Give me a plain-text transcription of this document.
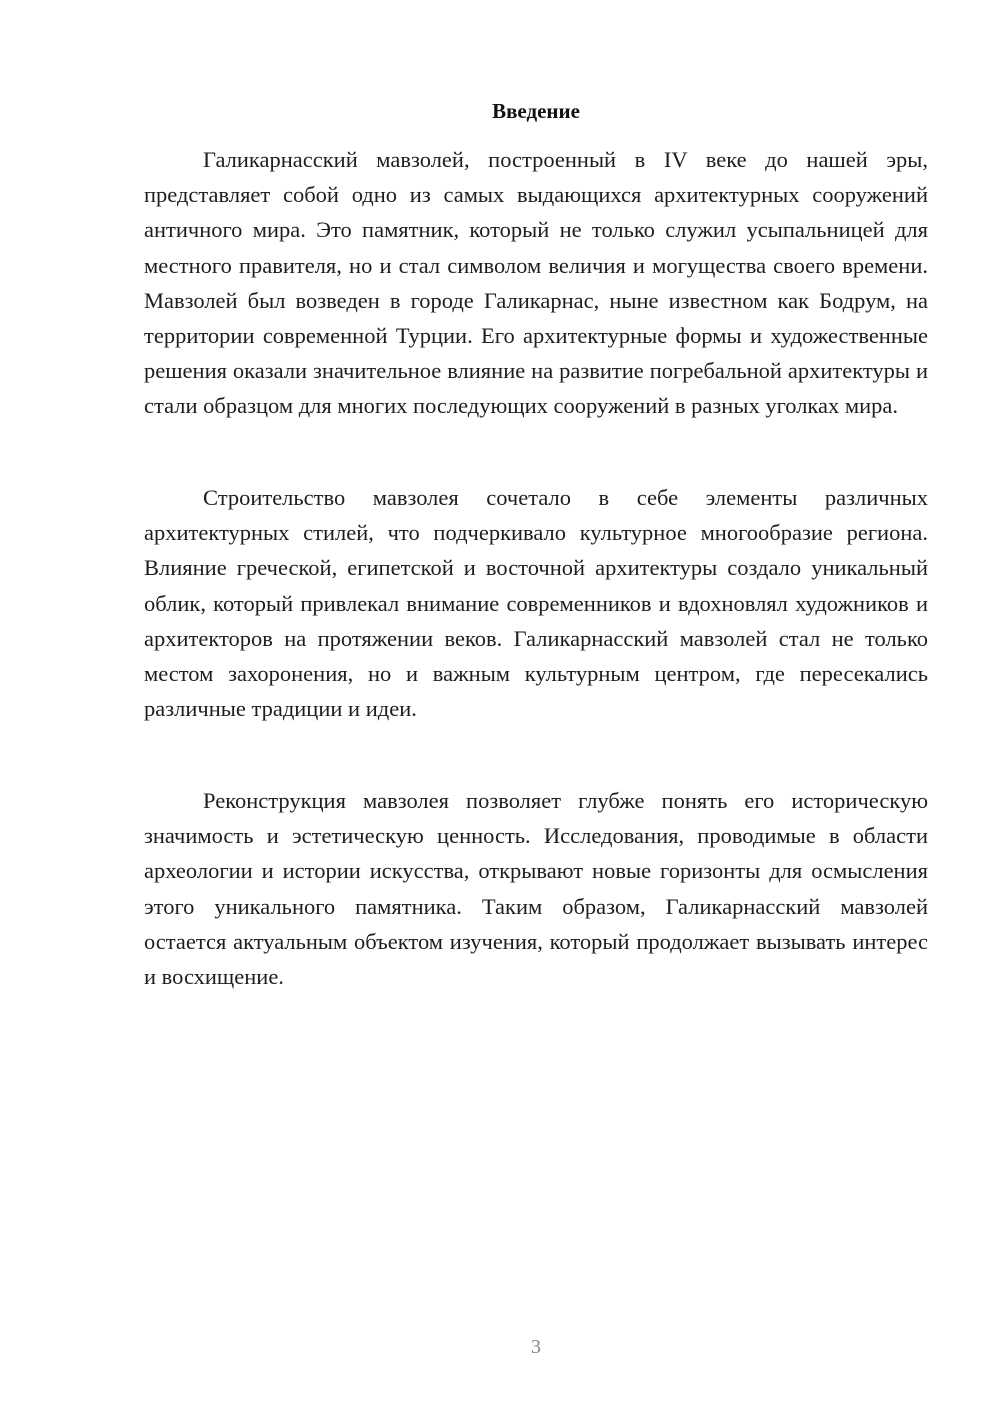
Введение

Галикарнасский мавзолей, построенный в IV веке до нашей эры, представляет собой одно из самых выдающихся архитектурных сооружений античного мира. Это памятник, который не только служил усыпальницей для местного правителя, но и стал символом величия и могущества своего времени. Мавзолей был возведен в городе Галикарнас, ныне известном как Бодрум, на территории современной Турции. Его архитектурные формы и художественные решения оказали значительное влияние на развитие погребальной архитектуры и стали образцом для многих последующих сооружений в разных уголках мира.

Строительство мавзолея сочетало в себе элементы различных архитектурных стилей, что подчеркивало культурное многообразие региона. Влияние греческой, египетской и восточной архитектуры создало уникальный облик, который привлекал внимание современников и вдохновлял художников и архитекторов на протяжении веков. Галикарнасский мавзолей стал не только местом захоронения, но и важным культурным центром, где пересекались различные традиции и идеи.

Реконструкция мавзолея позволяет глубже понять его историческую значимость и эстетическую ценность. Исследования, проводимые в области археологии и истории искусства, открывают новые горизонты для осмысления этого уникального памятника. Таким образом, Галикарнасский мавзолей остается актуальным объектом изучения, который продолжает вызывать интерес и восхищение.

3
